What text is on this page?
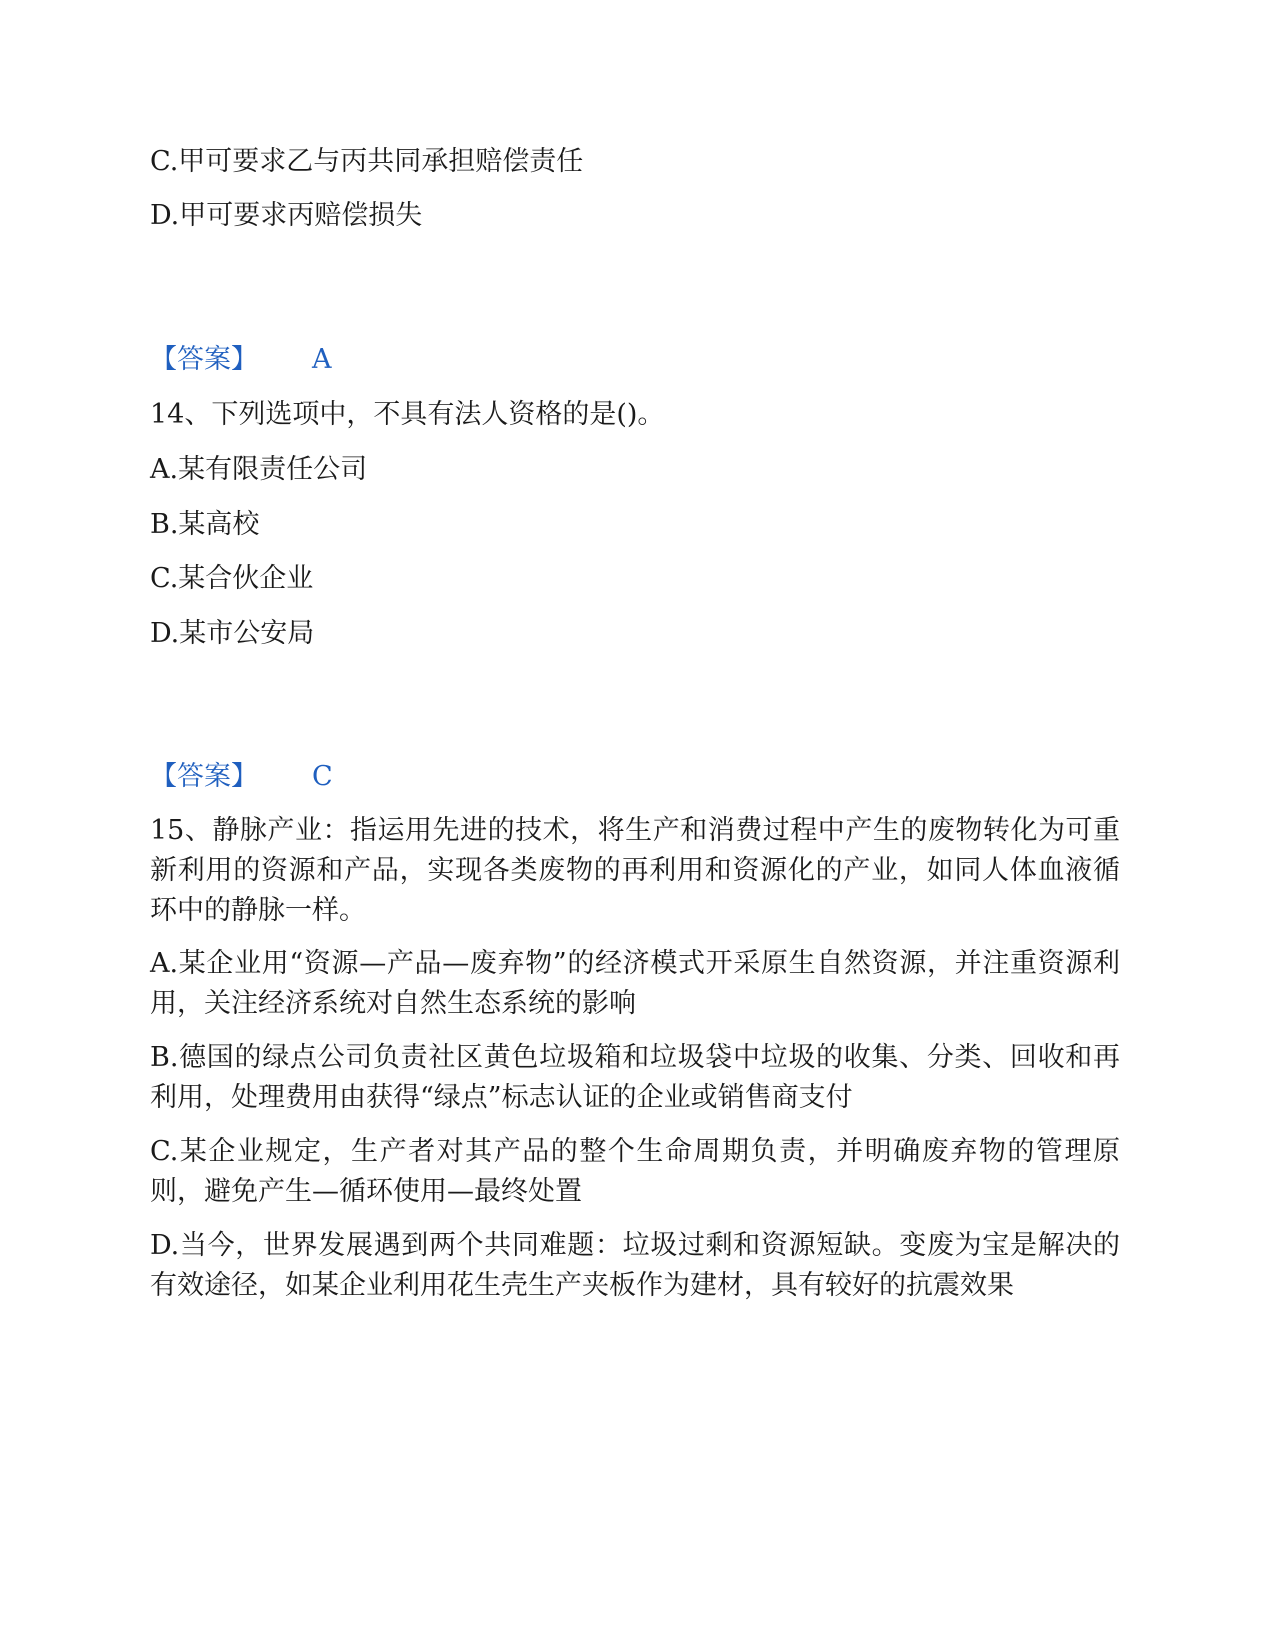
C.甲可要求乙与丙共同承担赔偿责任
D.甲可要求丙赔偿损失
【答案】 A
14、下列选项中，不具有法人资格的是()。
A.某有限责任公司
B.某高校
C.某合伙企业
D.某市公安局
【答案】 C
15、静脉产业：指运用先进的技术，将生产和消费过程中产生的废物转化为可重新利用的资源和产品，实现各类废物的再利用和资源化的产业，如同人体血液循环中的静脉一样。
A.某企业用“资源—产品—废弃物”的经济模式开采原生自然资源，并注重资源利用，关注经济系统对自然生态系统的影响
B.德国的绿点公司负责社区黄色垃圾箱和垃圾袋中垃圾的收集、分类、回收和再利用，处理费用由获得“绿点”标志认证的企业或销售商支付
C.某企业规定，生产者对其产品的整个生命周期负责，并明确废弃物的管理原则，避免产生—循环使用—最终处置
D.当今，世界发展遇到两个共同难题：垃圾过剩和资源短缺。变废为宝是解决的有效途径，如某企业利用花生壳生产夹板作为建材，具有较好的抗震效果
